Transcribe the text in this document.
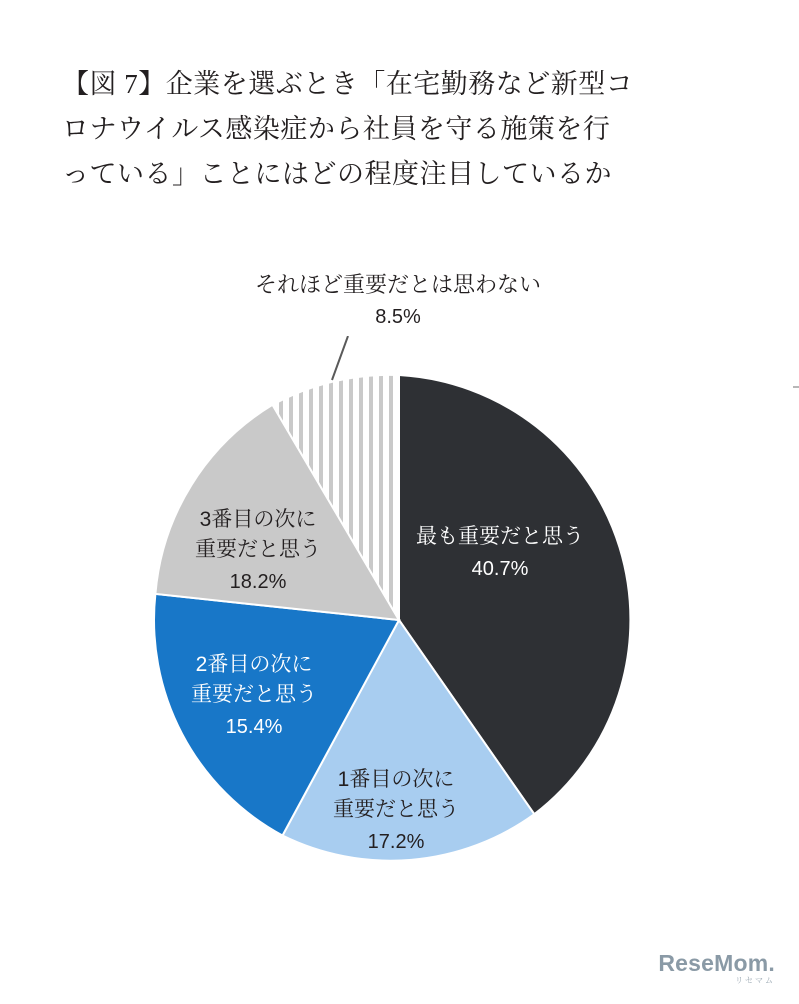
【図 7】企業を選ぶとき「在宅勤務など新型コ
ロナウイルス感染症から社員を守る施策を行
っている」ことにはどの程度注目しているか
それほど重要だとは思わない
8.5%
最も重要だと思う
40.7%
1番目の次に
重要だと思う
17.2%
2番目の次に
重要だと思う
15.4%
3番目の次に
重要だと思う
18.2%
ReseMom.
リセマム
